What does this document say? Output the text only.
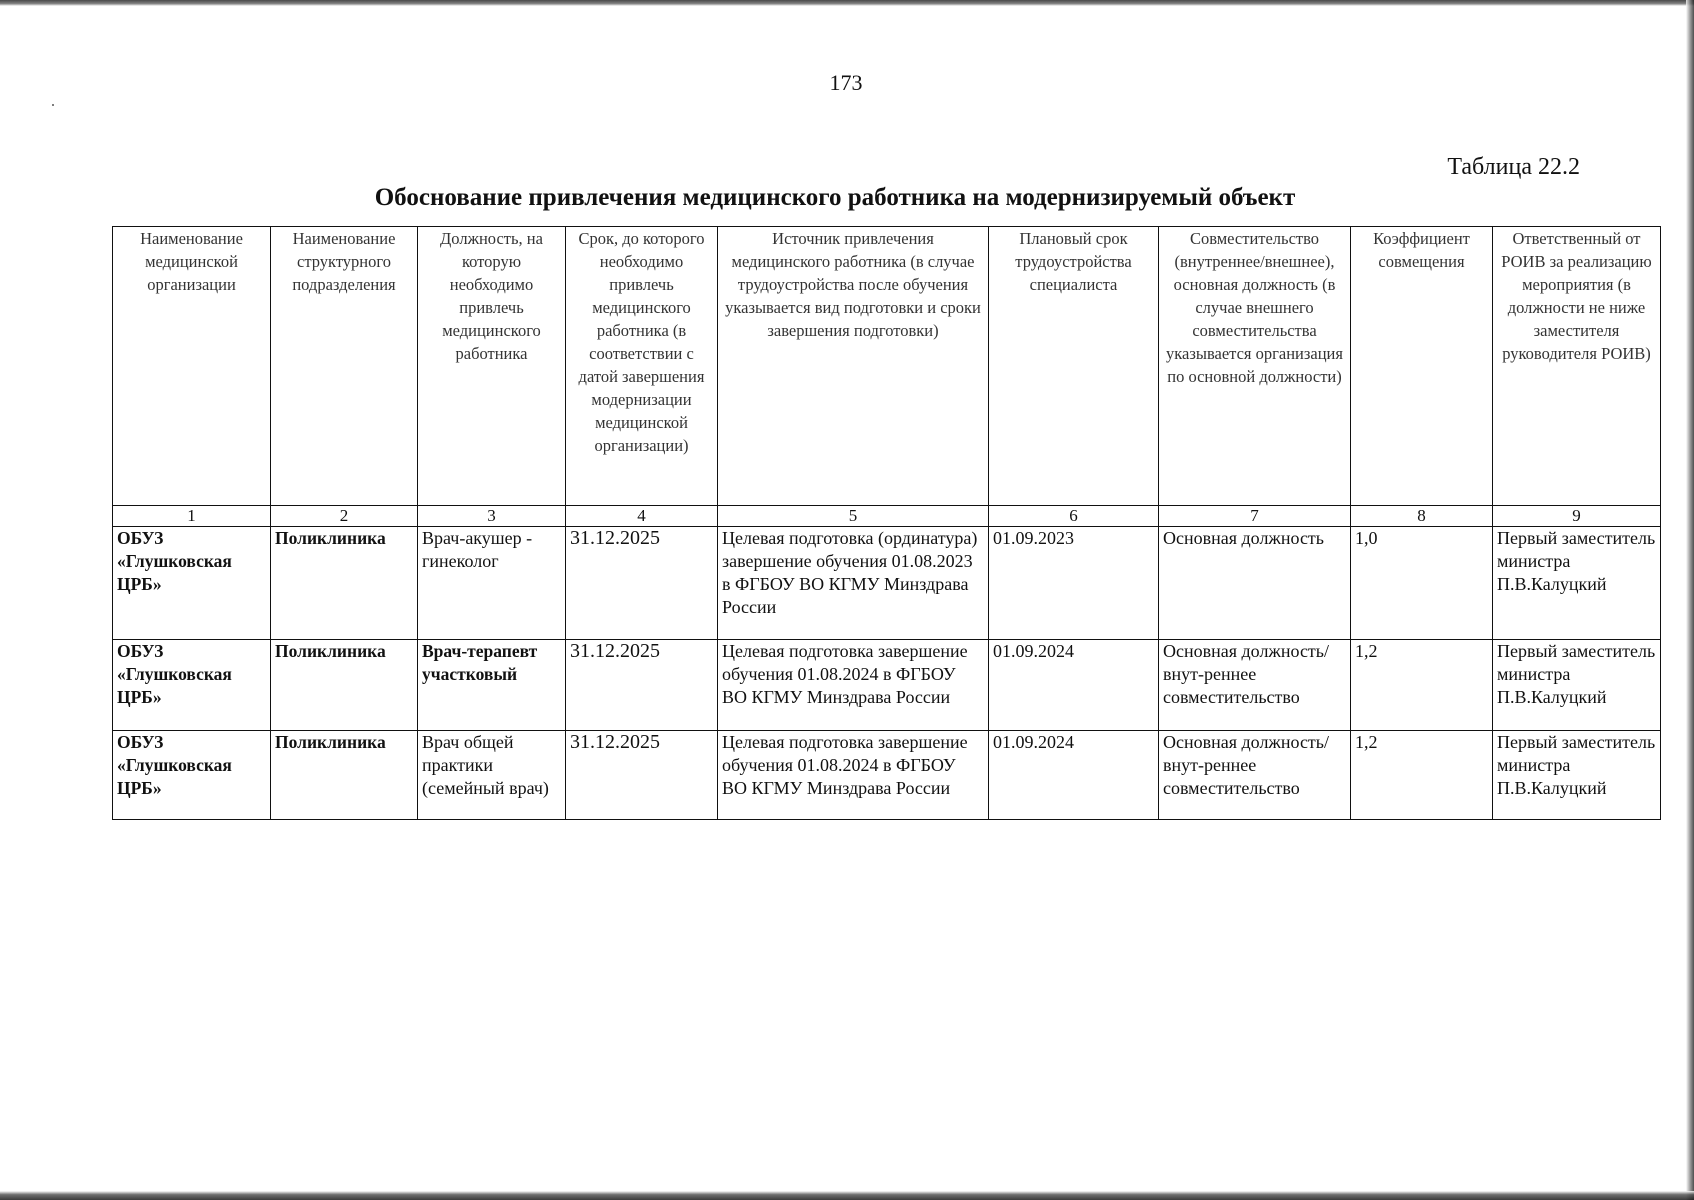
173
Таблица 22.2
Обоснование привлечения медицинского работника на модернизируемый объект
Наименование медицинской организации	Наименование структурного подразделения	Должность, на которую необходимо привлечь медицинского работника	Срок, до которого необходимо привлечь медицинского работника (в соответствии с датой завершения модернизации медицинской организации)	Источник привлечения медицинского работника (в случае трудоустройства после обучения указывается вид подготовки и сроки завершения подготовки)	Плановый срок трудоустройства специалиста	Совместительство (внутреннее/внешнее), основная должность (в случае внешнего совместительства указывается организация по основной должности)	Коэффициент совмещения	Ответственный от РОИВ за реализацию мероприятия (в должности не ниже заместителя руководителя РОИВ)
1	2	3	4	5	6	7	8	9
ОБУЗ «Глушковская ЦРБ»	Поликлиника	Врач-акушер - гинеколог	31.12.2025	Целевая подготовка (ординатура) завершение обучения 01.08.2023 в ФГБОУ ВО КГМУ Минздрава России	01.09.2023	Основная должность	1,0	Первый заместитель министра П.В.Калуцкий
ОБУЗ «Глушковская ЦРБ»	Поликлиника	Врач-терапевт участковый	31.12.2025	Целевая подготовка завершение обучения 01.08.2024 в ФГБОУ ВО КГМУ Минздрава России	01.09.2024	Основная должность/внут-реннее совместительство	1,2	Первый заместитель министра П.В.Калуцкий
ОБУЗ «Глушковская ЦРБ»	Поликлиника	Врач общей практики (семейный врач)	31.12.2025	Целевая подготовка завершение обучения 01.08.2024 в ФГБОУ ВО КГМУ Минздрава России	01.09.2024	Основная должность/внут-реннее совместительство	1,2	Первый заместитель министра П.В.Калуцкий
